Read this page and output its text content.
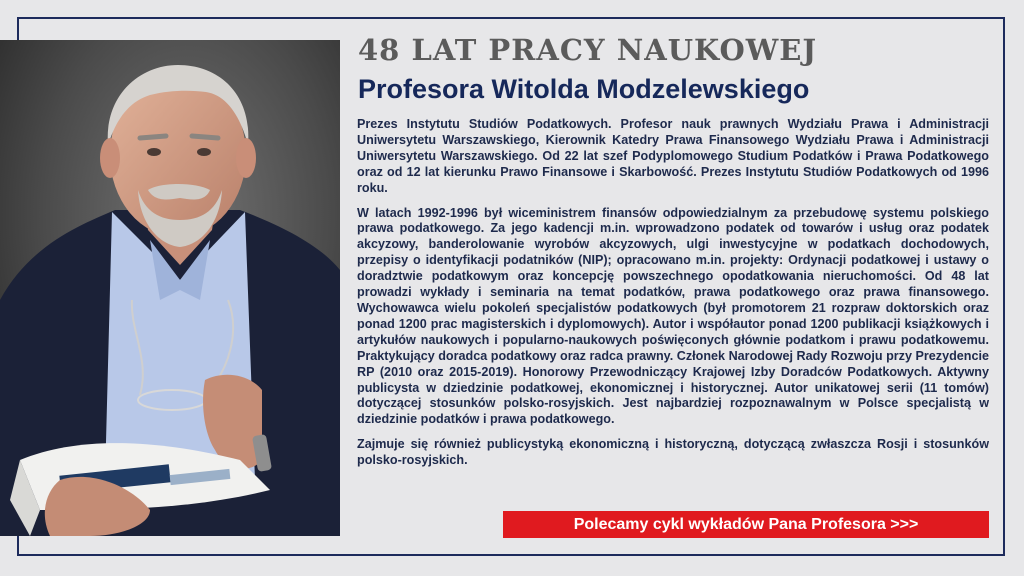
48 LAT PRACY NAUKOWEJ
Profesora Witolda Modzelewskiego

Prezes Instytutu Studiów Podatkowych. Profesor nauk prawnych Wydziału Prawa i Administracji Uniwersytetu Warszawskiego, Kierownik Katedry Prawa Finansowego Wydziału Prawa i Administracji Uniwersytetu Warszawskiego. Od 22 lat szef Podyplomowego Studium Podatków i Prawa Podatkowego oraz od 12 lat kierunku Prawo Finansowe i Skarbowość. Prezes Instytutu Studiów Podatkowych od 1996 roku.

W latach 1992-1996 był wiceministrem finansów odpowiedzialnym za przebudowę systemu polskiego prawa podatkowego. Za jego kadencji m.in. wprowadzono podatek od towarów i usług oraz podatek akcyzowy, banderolowanie wyrobów akcyzowych, ulgi inwestycyjne w podatkach dochodowych, przepisy o identyfikacji podatników (NIP); opracowano m.in. projekty: Ordynacji podatkowej i ustawy o doradztwie podatkowym oraz koncepcję powszechnego opodatkowania nieruchomości. Od 48 lat prowadzi wykłady i seminaria na temat podatków, prawa podatkowego oraz prawa finansowego. Wychowawca wielu pokoleń specjalistów podatkowych (był promotorem 21 rozpraw doktorskich oraz ponad 1200 prac magisterskich i dyplomowych). Autor i współautor ponad 1200 publikacji książkowych i artykułów naukowych i popularno-naukowych poświęconych głównie podatkom i prawu podatkowemu. Praktykujący doradca podatkowy oraz radca prawny. Członek Narodowej Rady Rozwoju przy Prezydencie RP (2010 oraz 2015-2019). Honorowy Przewodniczący Krajowej Izby Doradców Podatkowych. Aktywny publicysta w dziedzinie podatkowej, ekonomicznej i historycznej. Autor unikatowej serii (11 tomów) dotyczącej stosunków polsko-rosyjskich. Jest najbardziej rozpoznawalnym w Polsce specjalistą w dziedzinie podatków i prawa podatkowego.

Zajmuje się również publicystyką ekonomiczną i historyczną, dotyczącą zwłaszcza Rosji i stosunków polsko-rosyjskich.

Polecamy cykl wykładów Pana Profesora >>>
